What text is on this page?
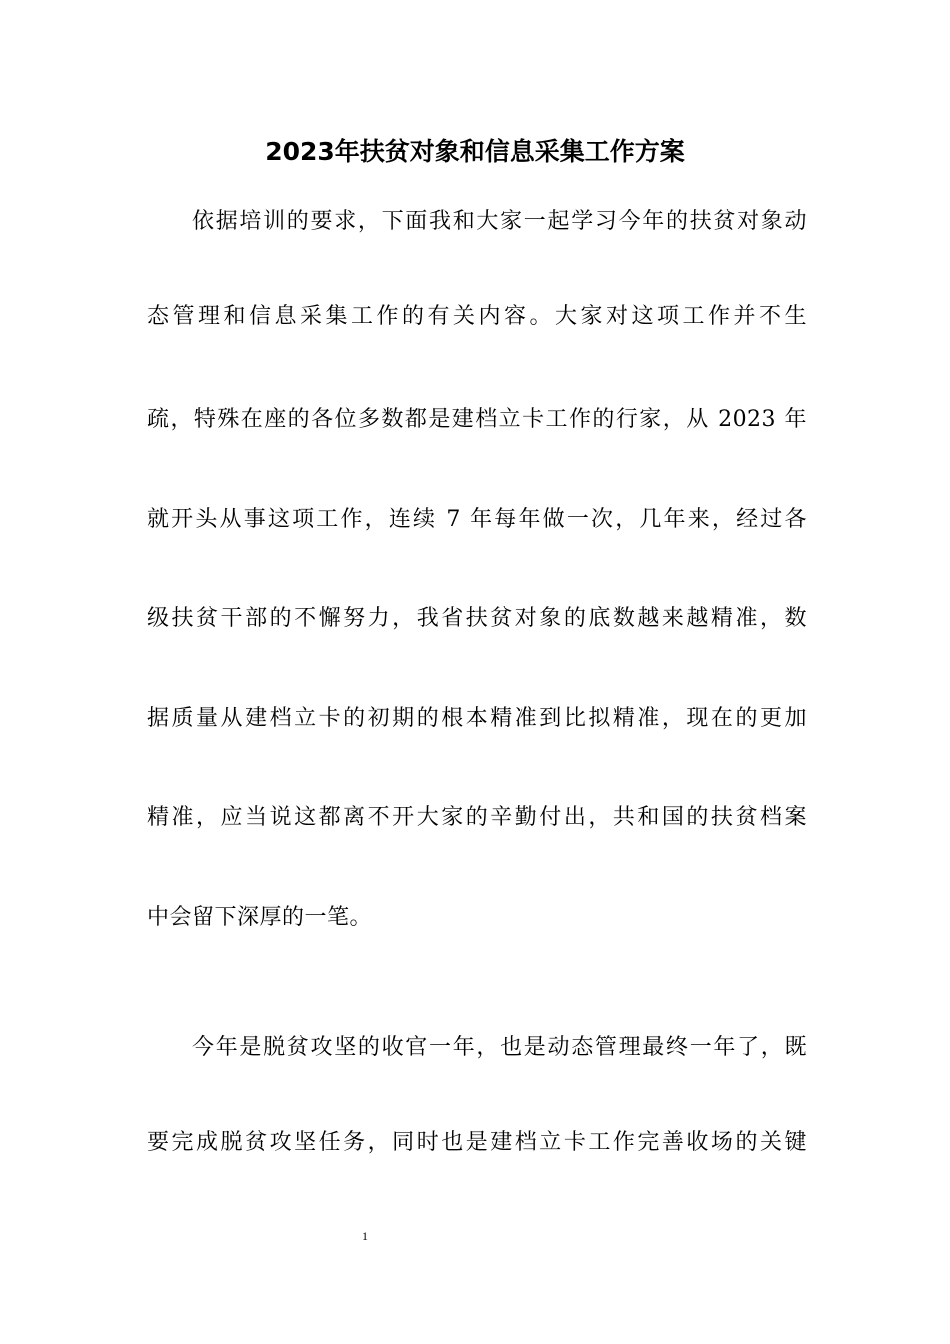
2023年扶贫对象和信息采集工作方案
依据培训的要求，下面我和大家一起学习今年的扶贫对象动
态管理和信息采集工作的有关内容。大家对这项工作并不生
疏，特殊在座的各位多数都是建档立卡工作的行家，从 2023 年
就开头从事这项工作，连续 7 年每年做一次，几年来，经过各
级扶贫干部的不懈努力，我省扶贫对象的底数越来越精准，数
据质量从建档立卡的初期的根本精准到比拟精准，现在的更加
精准，应当说这都离不开大家的辛勤付出，共和国的扶贫档案
中会留下深厚的一笔。
今年是脱贫攻坚的收官一年，也是动态管理最终一年了，既
要完成脱贫攻坚任务，同时也是建档立卡工作完善收场的关键
1
